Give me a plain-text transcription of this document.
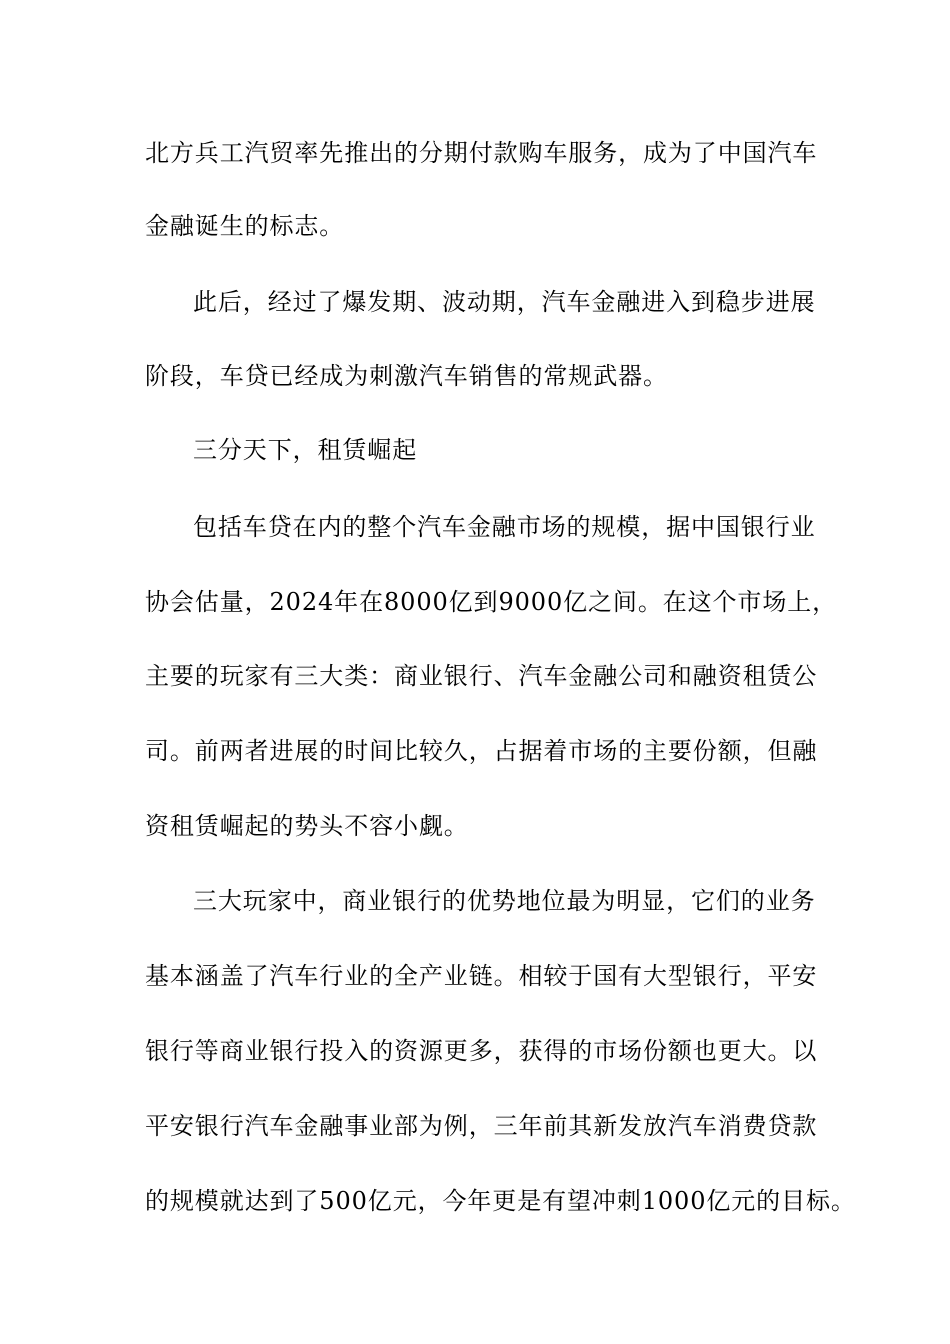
北方兵工汽贸率先推出的分期付款购车服务，成为了中国汽车
金融诞生的标志。
此后，经过了爆发期、波动期，汽车金融进入到稳步进展
阶段，车贷已经成为刺激汽车销售的常规武器。
三分天下，租赁崛起
包括车贷在内的整个汽车金融市场的规模，据中国银行业
协会估量，2024年在8000亿到9000亿之间。在这个市场上，
主要的玩家有三大类：商业银行、汽车金融公司和融资租赁公
司。前两者进展的时间比较久，占据着市场的主要份额，但融
资租赁崛起的势头不容小觑。
三大玩家中，商业银行的优势地位最为明显，它们的业务
基本涵盖了汽车行业的全产业链。相较于国有大型银行，平安
银行等商业银行投入的资源更多，获得的市场份额也更大。以
平安银行汽车金融事业部为例，三年前其新发放汽车消费贷款
的规模就达到了500亿元，今年更是有望冲刺1000亿元的目标。
